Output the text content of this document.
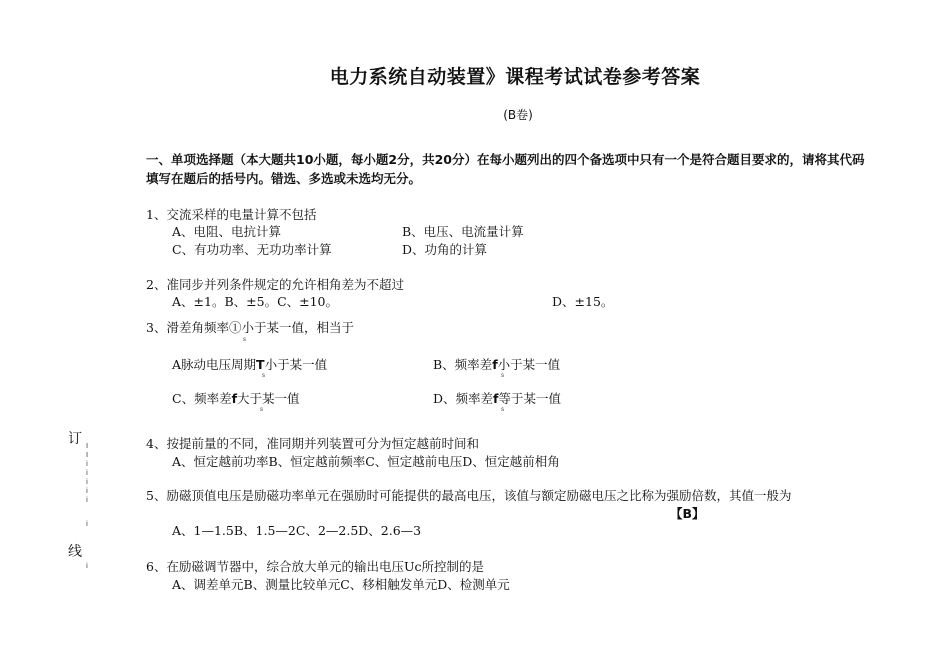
电力系统自动装置》课程考试试卷参考答案
(B卷)
一、单项选择题（本大题共10小题，每小题2分，共20分）在每小题列出的四个备选项中只有一个是符合题目要求的，请将其代码填写在题后的括号内。错选、多选或未选均无分。
订 I
I
i
i
i
i
i
i
i
线
1、交流采样的电量计算不包括
A、电阻、电抗计算	B、电压、电流量计算
C、有功功率、无功功率计算	D、功角的计算
2、准同步并列条件规定的允许相角差为不超过
A、±1。B、±5。C、±10。	D、±15。
3、滑差角频率①小于某一值，相当于
s
A脉动电压周期T小于某一值
s
B、频率差f小于某一值
s
C、频率差f大于某一值
s
D、频率差f等于某一值
s
4、按提前量的不同，准同期并列装置可分为恒定越前时间和
A、恒定越前功率B、恒定越前频率C、恒定越前电压D、恒定越前相角
5、励磁顶值电压是励磁功率单元在强励时可能提供的最高电压，该值与额定励磁电压之比称为强励倍数，其值一般为
【B】
A、1—1.5B、1.5—2C、2—2.5D、2.6—3
6、在励磁调节器中，综合放大单元的输出电压Uc所控制的是
A、调差单元B、测量比较单元C、移相触发单元D、检测单元
